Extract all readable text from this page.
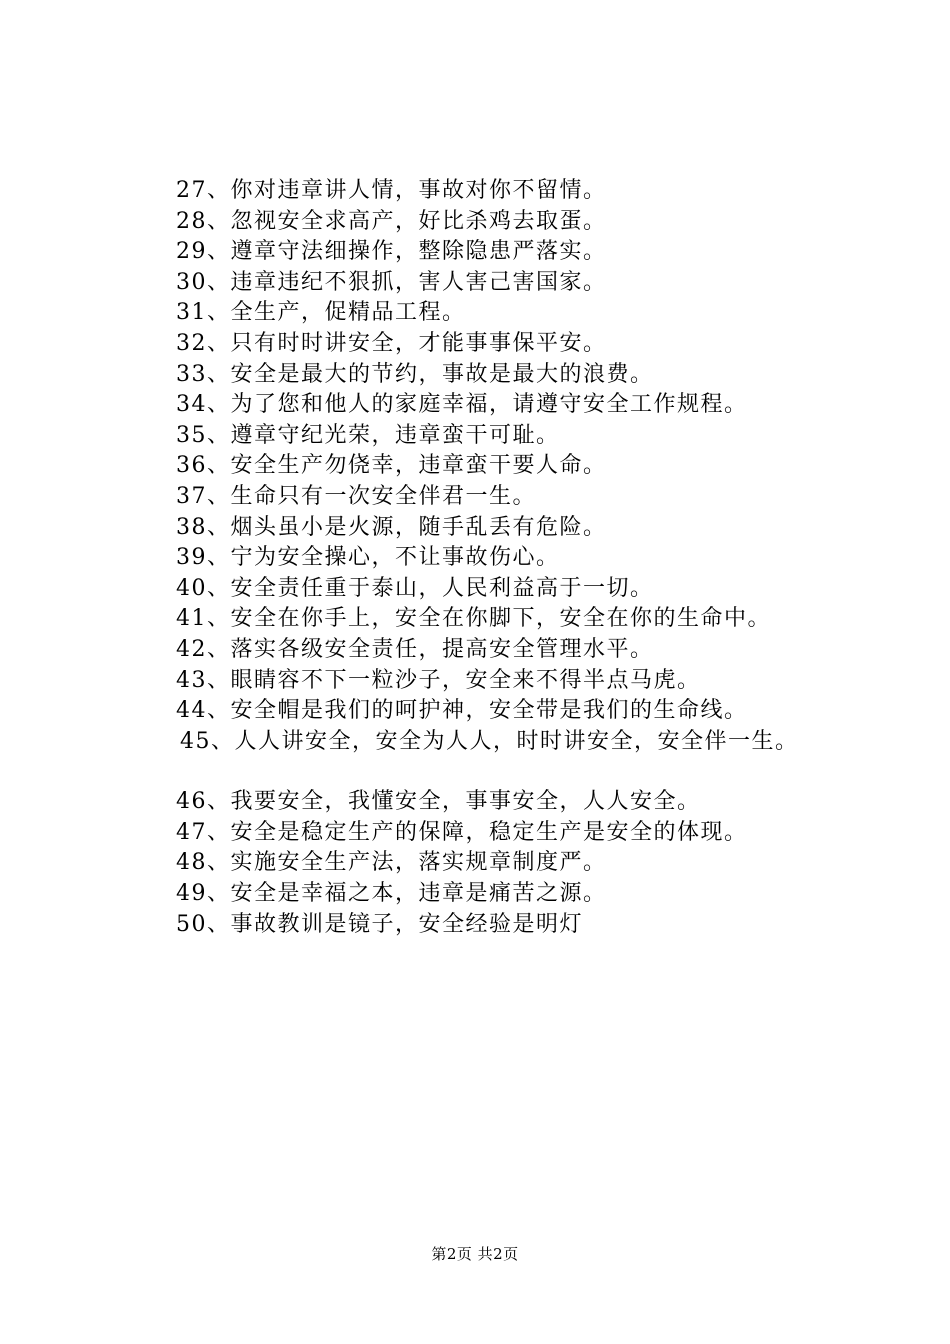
27、你对违章讲人情，事故对你不留情。
28、忽视安全求高产，好比杀鸡去取蛋。
29、遵章守法细操作，整除隐患严落实。
30、违章违纪不狠抓，害人害己害国家。
31、全生产，促精品工程。
32、只有时时讲安全，才能事事保平安。
33、安全是最大的节约，事故是最大的浪费。
34、为了您和他人的家庭幸福，请遵守安全工作规程。
35、遵章守纪光荣，违章蛮干可耻。
36、安全生产勿侥幸，违章蛮干要人命。
37、生命只有一次安全伴君一生。
38、烟头虽小是火源，随手乱丢有危险。
39、宁为安全操心，不让事故伤心。
40、安全责任重于泰山，人民利益高于一切。
41、安全在你手上，安全在你脚下，安全在你的生命中。
42、落实各级安全责任，提高安全管理水平。
43、眼睛容不下一粒沙子，安全来不得半点马虎。
44、安全帽是我们的呵护神，安全带是我们的生命线。
45、人人讲安全，安全为人人，时时讲安全，安全伴一生。
46、我要安全，我懂安全，事事安全，人人安全。
47、安全是稳定生产的保障，稳定生产是安全的体现。
48、实施安全生产法，落实规章制度严。
49、安全是幸福之本，违章是痛苦之源。
50、事故教训是镜子，安全经验是明灯
第2页 共2页
